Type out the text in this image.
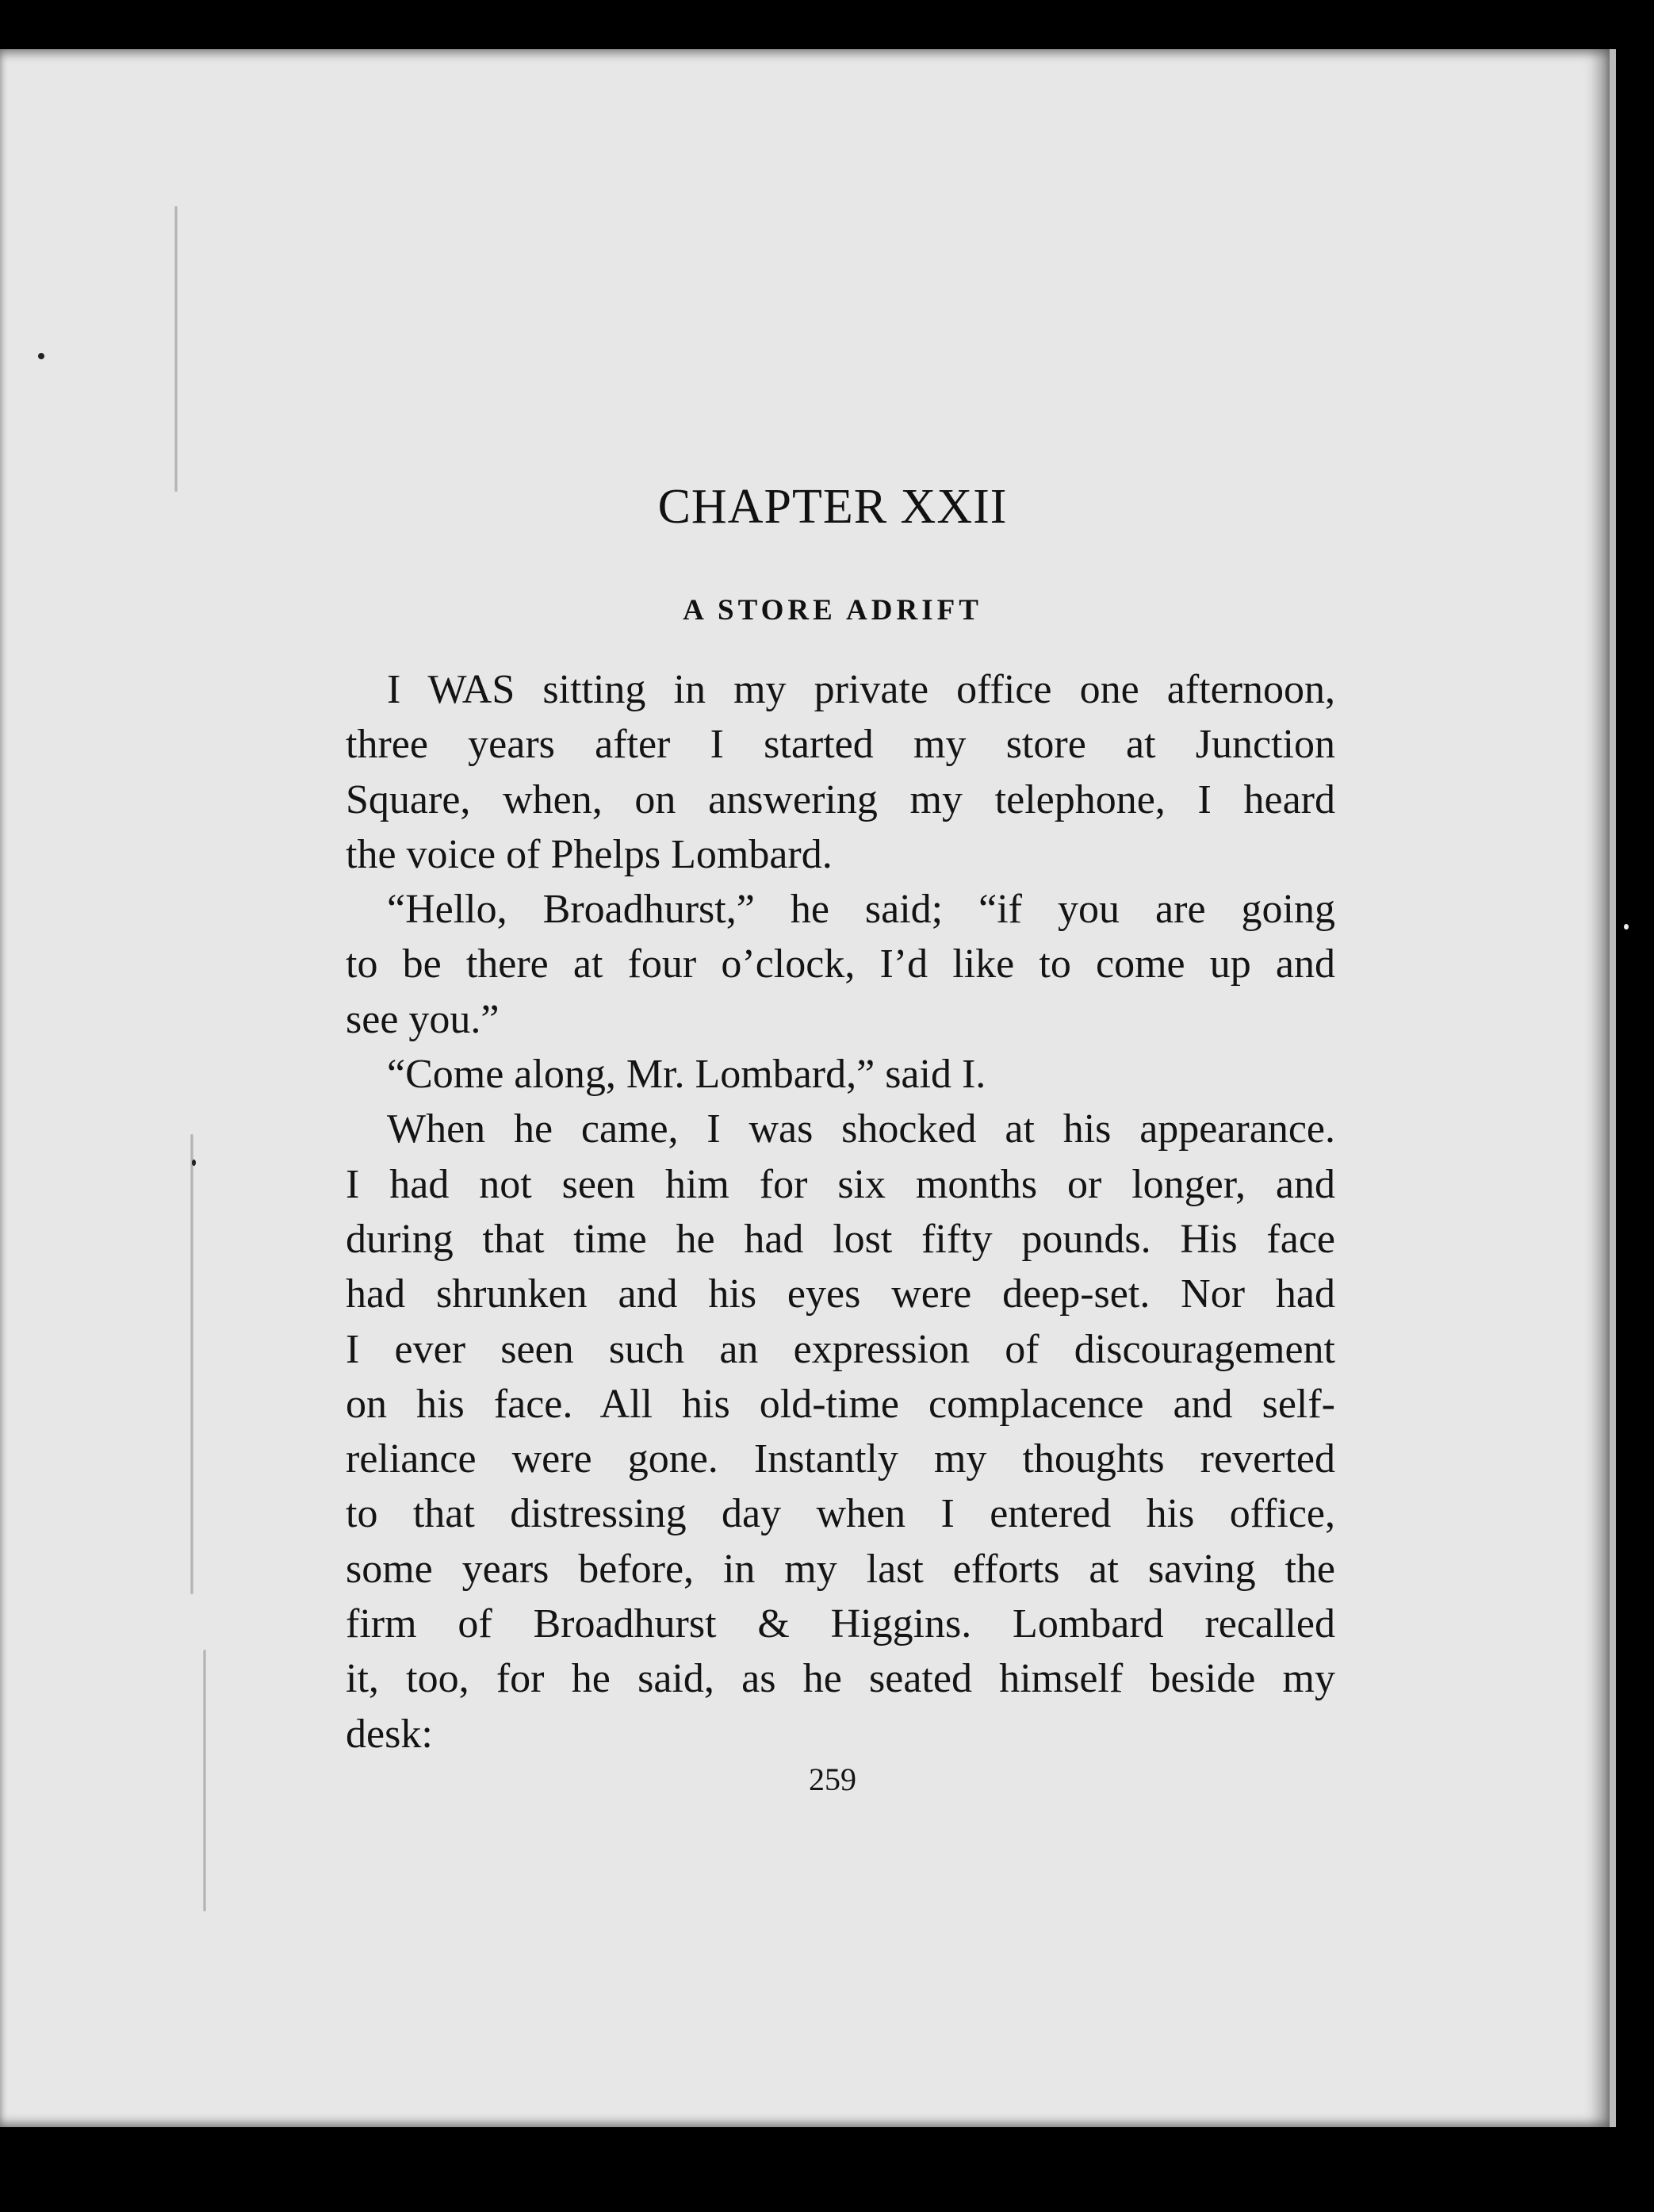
CHAPTER XXII
A STORE ADRIFT
I WAS sitting in my private office one afternoon,
three years after I started my store at Junction
Square, when, on answering my telephone, I heard
the voice of Phelps Lombard.
“Hello, Broadhurst,” he said; “if you are going
to be there at four o’clock, I’d like to come up and
see you.”
“Come along, Mr. Lombard,” said I.
When he came, I was shocked at his appearance.
I had not seen him for six months or longer, and
during that time he had lost fifty pounds. His face
had shrunken and his eyes were deep-set. Nor had
I ever seen such an expression of discouragement
on his face. All his old-time complacence and self-
reliance were gone. Instantly my thoughts reverted
to that distressing day when I entered his office,
some years before, in my last efforts at saving the
firm of Broadhurst & Higgins. Lombard recalled
it, too, for he said, as he seated himself beside my
desk:
259
